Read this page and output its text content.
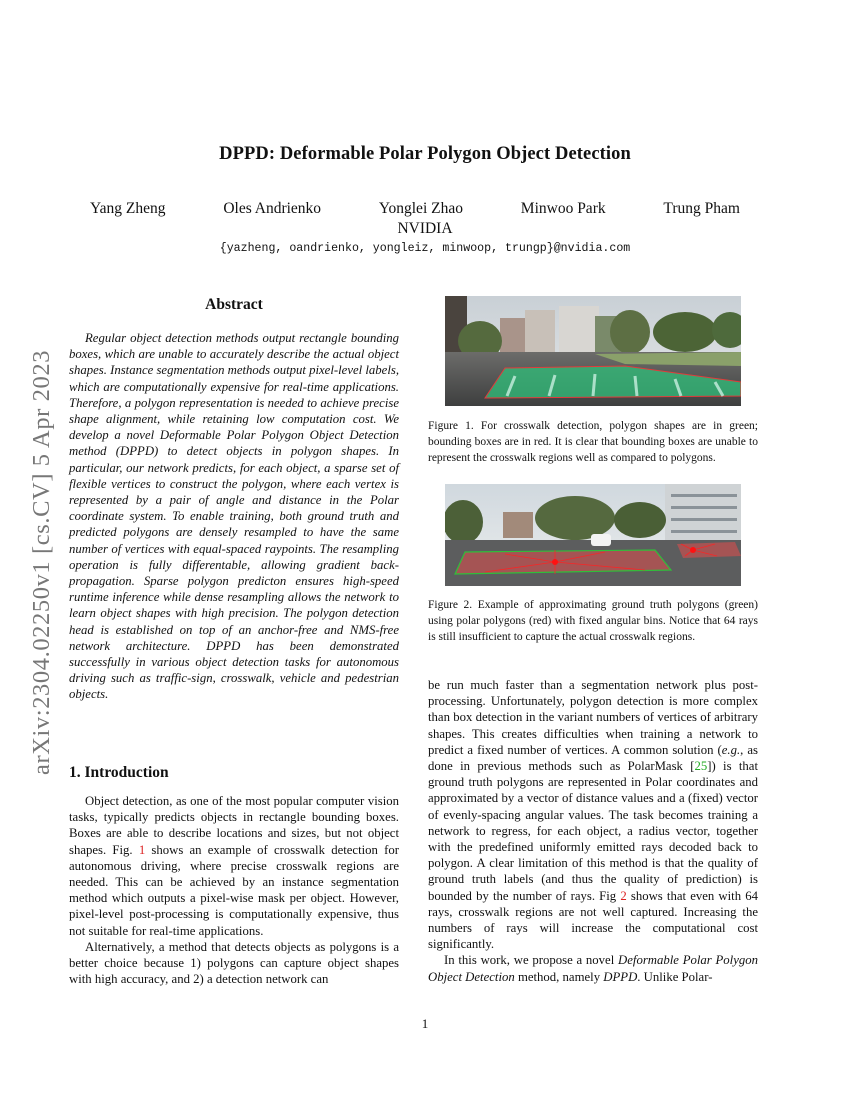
DPPD: Deformable Polar Polygon Object Detection
Yang Zheng	Oles Andrienko	Yonglei Zhao	Minwoo Park	Trung Pham
NVIDIA
{yazheng, oandrienko, yongleiz, minwoop, trungp}@nvidia.com
arXiv:2304.02250v1 [cs.CV] 5 Apr 2023
Abstract

Regular object detection methods output rectangle bounding boxes, which are unable to accurately describe the actual object shapes. Instance segmentation methods output pixel-level labels, which are computationally expensive for real-time applications. Therefore, a polygon representation is needed to achieve precise shape alignment, while retaining low computation cost. We develop a novel Deformable Polar Polygon Object Detection method (DPPD) to detect objects in polygon shapes. In particular, our network predicts, for each object, a sparse set of flexible vertices to construct the polygon, where each vertex is represented by a pair of angle and distance in the Polar coordinate system. To enable training, both ground truth and predicted polygons are densely resampled to have the same number of vertices with equal-spaced raypoints. The resampling operation is fully differentable, allowing gradient back-propagation. Sparse polygon predicton ensures high-speed runtime inference while dense resampling allows the network to learn object shapes with high precision. The polygon detection head is established on top of an anchor-free and NMS-free network architecture. DPPD has been demonstrated successfully in various object detection tasks for autonomous driving such as traffic-sign, crosswalk, vehicle and pedestrian objects.

1. Introduction

Object detection, as one of the most popular computer vision tasks, typically predicts objects in rectangle bounding boxes. Boxes are able to describe locations and sizes, but not object shapes. Fig. 1 shows an example of crosswalk detection for autonomous driving, where precise crosswalk regions are needed. This can be achieved by an instance segmentation method which outputs a pixel-wise mask per object. However, pixel-level post-processing is computationally expensive, thus not suitable for real-time applications.

Alternatively, a method that detects objects as polygons is a better choice because 1) polygons can capture object shapes with high accuracy, and 2) a detection network can

Figure 1. For crosswalk detection, polygon shapes are in green; bounding boxes are in red. It is clear that bounding boxes are unable to represent the crosswalk regions well as compared to polygons.
Figure 2. Example of approximating ground truth polygons (green) using polar polygons (red) with fixed angular bins. Notice that 64 rays is still insufficient to capture the actual crosswalk regions.

be run much faster than a segmentation network plus post-processing. Unfortunately, polygon detection is more complex than box detection in the variant numbers of vertices of arbitrary shapes. This creates difficulties when training a network to predict a fixed number of vertices. A common solution (e.g., as done in previous methods such as PolarMask [25]) is that ground truth polygons are represented in Polar coordinates and approximated by a vector of distance values and a (fixed) vector of evenly-spacing angular values. The task becomes training a network to regress, for each object, a radius vector, together with the predefined uniformly emitted rays decoded back to polygon. A clear limitation of this method is that the quality of ground truth labels (and thus the quality of prediction) is bounded by the number of rays. Fig 2 shows that even with 64 rays, crosswalk regions are not well captured. Increasing the numbers of rays will increase the computational cost significantly.

In this work, we propose a novel Deformable Polar Polygon Object Detection method, namely DPPD. Unlike Polar-

1
